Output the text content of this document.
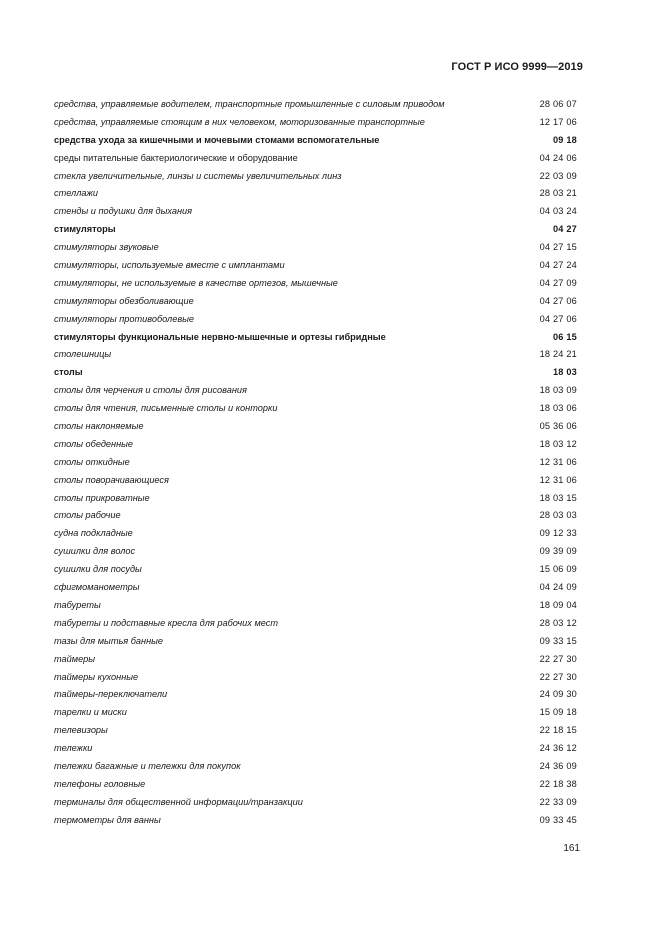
ГОСТ Р ИСО 9999—2019
средства, управляемые водителем, транспортные промышленные с силовым приводом	28 06 07
средства, управляемые стоящим в них человеком, моторизованные транспортные	12 17 06
средства ухода за кишечными и мочевыми стомами вспомогательные	09 18
среды питательные бактериологические и оборудование	04 24 06
стекла увеличительные, линзы и системы увеличительных линз	22 03 09
стеллажи	28 03 21
стенды и подушки для дыхания	04 03 24
стимуляторы	04 27
стимуляторы звуковые	04 27 15
стимуляторы, используемые вместе с имплантами	04 27 24
стимуляторы, не используемые в качестве ортезов, мышечные	04 27 09
стимуляторы обезболивающие	04 27 06
стимуляторы противоболевые	04 27 06
стимуляторы функциональные нервно-мышечные и ортезы гибридные	06 15
столешницы	18 24 21
столы	18 03
столы для черчения и столы для рисования	18 03 09
столы для чтения, письменные столы и конторки	18 03 06
столы наклоняемые	05 36 06
столы обеденные	18 03 12
столы откидные	12 31 06
столы поворачивающиеся	12 31 06
столы прикроватные	18 03 15
столы рабочие	28 03 03
судна подкладные	09 12 33
сушилки для волос	09 39 09
сушилки для посуды	15 06 09
сфигмоманометры	04 24 09
табуреты	18 09 04
табуреты и подставные кресла для рабочих мест	28 03 12
тазы для мытья банные	09 33 15
таймеры	22 27 30
таймеры кухонные	22 27 30
таймеры-переключатели	24 09 30
тарелки и миски	15 09 18
телевизоры	22 18 15
тележки	24 36 12
тележки багажные и тележки для покупок	24 36 09
телефоны головные	22 18 38
терминалы для общественной информации/транзакции	22 33 09
термометры для ванны	09 33 45
161
